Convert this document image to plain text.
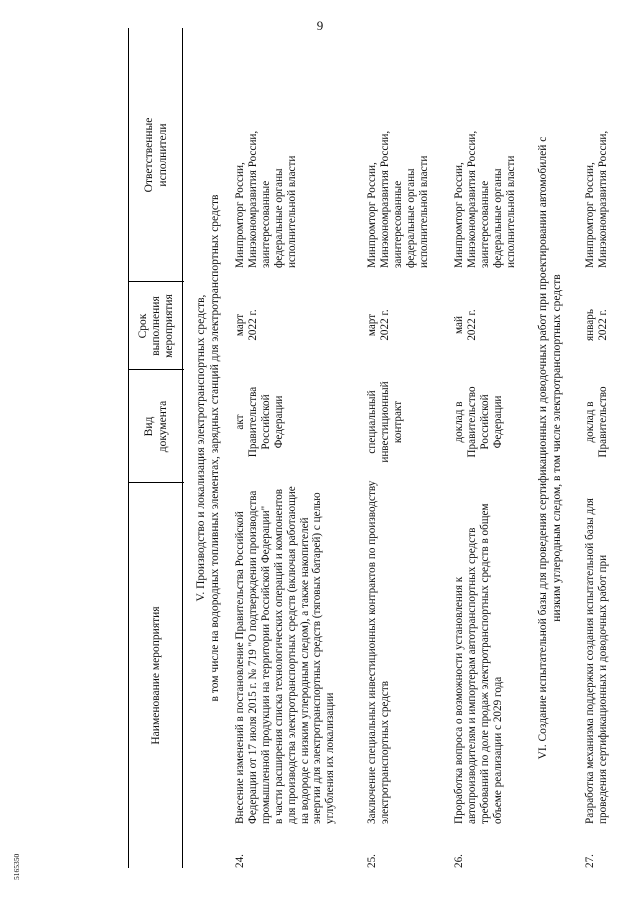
9
5165350
Наименование мероприятия
Вид
документа
Срок
выполнения
мероприятия
Ответственные
исполнители
V. Производство и локализация электротранспортных средств,
в том числе на водородных топливных элементах, зарядных станций для электротранспортных средств
24.
Внесение изменений в постановление Правительства Российской
Федерации от 17 июля 2015 г. № 719 "О подтверждении производства
промышленной продукции на территории Российской Федерации"
в части расширения списка технологических операций и компонентов
для производства электротранспортных средств (включая работающие
на водороде с низким углеродным следом), а также накопителей
энергии для электротранспортных средств (тяговых батарей) с целью
углубления их локализации
акт
Правительства
Российской
Федерации
март
2022 г.
Минпромторг России,
Минэкономразвития России,
заинтересованные
федеральные органы
исполнительной власти
25.
Заключение специальных инвестиционных контрактов по производству
электротранспортных средств
специальный
инвестиционный
контракт
март
2022 г.
Минпромторг России,
Минэкономразвития России,
заинтересованные
федеральные органы
исполнительной власти
26.
Проработка вопроса о возможности установления к
автопроизводителям и импортерам автотранспортных средств
требований по доле продаж электротранспортных средств в общем
объеме реализации с 2029 года
доклад в
Правительство
Российской
Федерации
май
2022 г.
Минпромторг России,
Минэкономразвития России,
заинтересованные
федеральные органы
исполнительной власти
VI. Создание испытательной базы для проведения сертификационных и доводочных работ при проектировании автомобилей с
низким углеродным следом, в том числе электротранспортных средств
27.
Разработка механизма поддержки создания испытательной базы для
проведения сертификационных и доводочных работ при
доклад в
Правительство
январь
2022 г.
Минпромторг России,
Минэкономразвития России,
